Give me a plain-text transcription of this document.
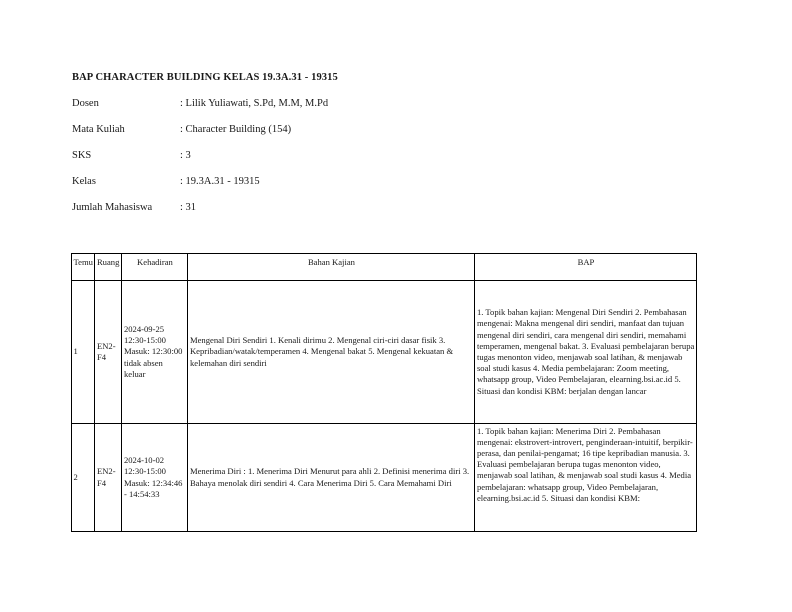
BAP CHARACTER BUILDING KELAS 19.3A.31 - 19315
Dosen	: Lilik Yuliawati, S.Pd, M.M, M.Pd
Mata Kuliah	: Character Building (154)
SKS	: 3
Kelas	: 19.3A.31 - 19315
Jumlah Mahasiswa	: 31
Temu	Ruang	Kehadiran	Bahan Kajian	BAP
1	EN2-F4	2024-09-25 12:30-15:00 Masuk: 12:30:00 tidak absen keluar	Mengenal Diri Sendiri 1. Kenali dirimu 2. Mengenal ciri-ciri dasar fisik 3. Kepribadian/watak/temperamen 4. Mengenal bakat 5. Mengenal kekuatan & kelemahan diri sendiri	1. Topik bahan kajian: Mengenal Diri Sendiri 2. Pembahasan mengenai: Makna mengenal diri sendiri, manfaat dan tujuan mengenal diri sendiri, cara mengenal diri sendiri, memahami temperamen, mengenal bakat. 3. Evaluasi pembelajaran berupa tugas menonton video, menjawab soal latihan, & menjawab soal studi kasus 4. Media pembelajaran: Zoom meeting, whatsapp group, Video Pembelajaran, elearning.bsi.ac.id 5. Situasi dan kondisi KBM: berjalan dengan lancar

2	EN2-F4	2024-10-02 12:30-15:00 Masuk: 12:34:46 - 14:54:33	Menerima Diri : 1. Menerima Diri Menurut para ahli 2. Definisi menerima diri 3. Bahaya menolak diri sendiri 4. Cara Menerima Diri 5. Cara Memahami Diri	1. Topik bahan kajian: Menerima Diri 2. Pembahasan mengenai: ekstrovert-introvert, penginderaan-intuitif, berpikir-perasa, dan penilai-pengamat; 16 tipe kepribadian manusia. 3. Evaluasi pembelajaran berupa tugas menonton video, menjawab soal latihan, & menjawab soal studi kasus 4. Media pembelajaran: whatsapp group, Video Pembelajaran, elearning.bsi.ac.id 5. Situasi dan kondisi KBM:
